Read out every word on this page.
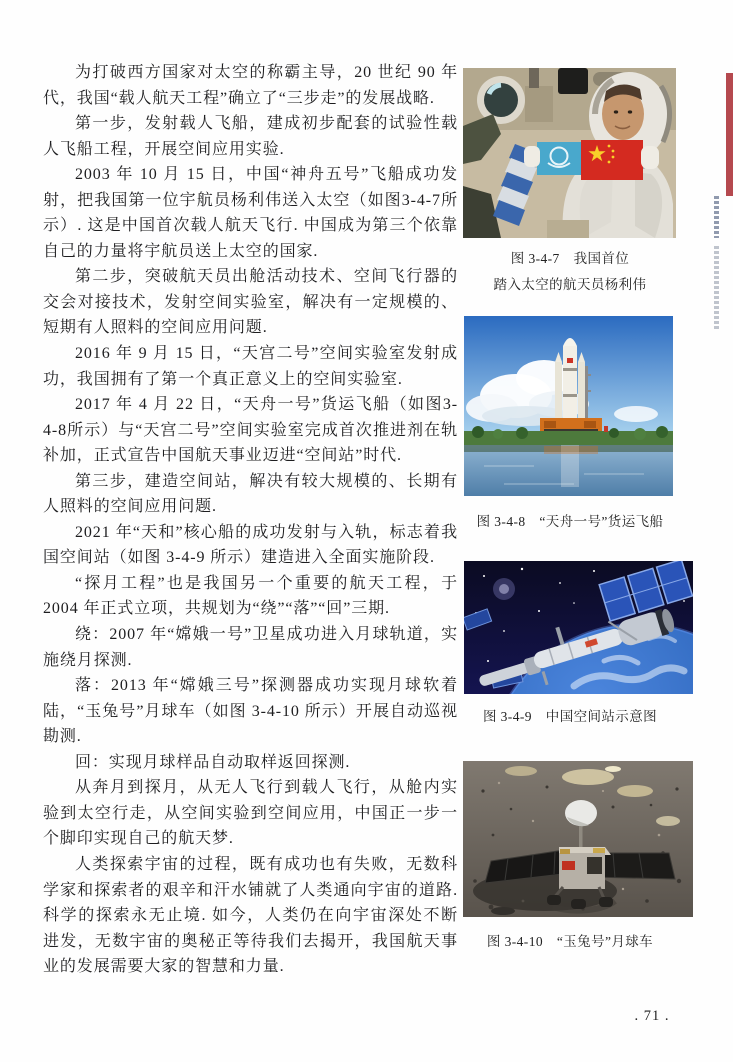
为打破西方国家对太空的称霸主导，20 世纪 90 年代，我国“载人航天工程”确立了“三步走”的发展战略.

第一步，发射载人飞船，建成初步配套的试验性载人飞船工程，开展空间应用实验.

2003 年 10 月 15 日，中国“神舟五号”飞船成功发射，把我国第一位宇航员杨利伟送入太空（如图3-4-7所示）. 这是中国首次载人航天飞行. 中国成为第三个依靠自己的力量将宇航员送上太空的国家.

第二步，突破航天员出舱活动技术、空间飞行器的交会对接技术，发射空间实验室，解决有一定规模的、短期有人照料的空间应用问题.

2016 年 9 月 15 日，“天宫二号”空间实验室发射成功，我国拥有了第一个真正意义上的空间实验室.

2017 年 4 月 22 日，“天舟一号”货运飞船（如图3-4-8所示）与“天宫二号”空间实验室完成首次推进剂在轨补加，正式宣告中国航天事业迈进“空间站”时代.

第三步，建造空间站，解决有较大规模的、长期有人照料的空间应用问题.

2021 年“天和”核心船的成功发射与入轨，标志着我国空间站（如图 3-4-9 所示）建造进入全面实施阶段.

“探月工程”也是我国另一个重要的航天工程，于2004 年正式立项，共规划为“绕”“落”“回”三期.

绕：2007 年“嫦娥一号”卫星成功进入月球轨道，实施绕月探测.

落：2013 年“嫦娥三号”探测器成功实现月球软着陆，“玉兔号”月球车（如图 3-4-10 所示）开展自动巡视勘测.

回：实现月球样品自动取样返回探测.

从奔月到探月，从无人飞行到载人飞行，从舱内实验到太空行走，从空间实验到空间应用，中国正一步一个脚印实现自己的航天梦.

人类探索宇宙的过程，既有成功也有失败，无数科学家和探索者的艰辛和汗水铺就了人类通向宇宙的道路. 科学的探索永无止境. 如今，人类仍在向宇宙深处不断进发，无数宇宙的奥秘正等待我们去揭开，我国航天事业的发展需要大家的智慧和力量.

图 3-4-7　我国首位
踏入太空的航天员杨利伟
图 3-4-8　“天舟一号”货运飞船
图 3-4-9　中国空间站示意图
图 3-4-10　“玉兔号”月球车
. 71 .
